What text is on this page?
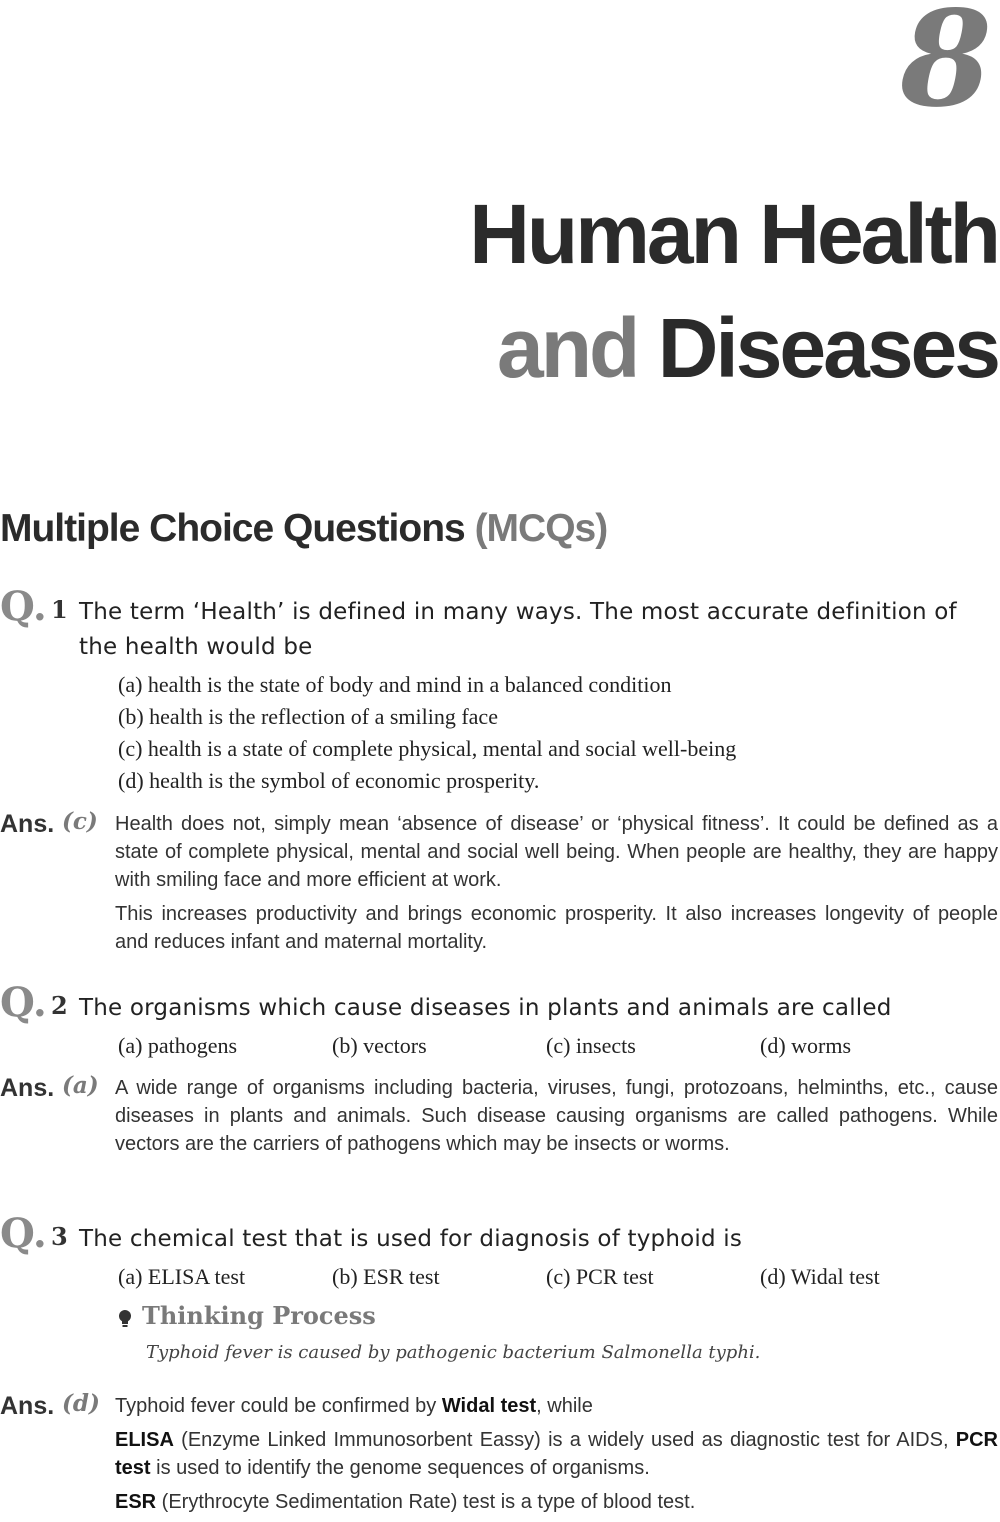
8
Human Health
and Diseases
Multiple Choice Questions (MCQs)
Q. 1 The term ‘Health’ is defined in many ways. The most accurate definition of the health would be
(a) health is the state of body and mind in a balanced condition
(b) health is the reflection of a smiling face
(c) health is a state of complete physical, mental and social well-being
(d) health is the symbol of economic prosperity.
Ans. (c) Health does not, simply mean ‘absence of disease’ or ‘physical fitness’. It could be defined as a state of complete physical, mental and social well being. When people are healthy, they are happy with smiling face and more efficient at work.

This increases productivity and brings economic prosperity. It also increases longevity of people and reduces infant and maternal mortality.

Q. 2 The organisms which cause diseases in plants and animals are called
(a) pathogens	(b) vectors	(c) insects	(d) worms
Ans. (a) A wide range of organisms including bacteria, viruses, fungi, protozoans, helminths, etc., cause diseases in plants and animals. Such disease causing organisms are called pathogens. While vectors are the carriers of pathogens which may be insects or worms.

Q. 3 The chemical test that is used for diagnosis of typhoid is
(a) ELISA test	(b) ESR test	(c) PCR test	(d) Widal test
Thinking Process
Typhoid fever is caused by pathogenic bacterium Salmonella typhi.
Ans. (d) Typhoid fever could be confirmed by Widal test, while

ELISA (Enzyme Linked Immunosorbent Eassy) is a widely used as diagnostic test for AIDS, PCR test is used to identify the genome sequences of organisms.

ESR (Erythrocyte Sedimentation Rate) test is a type of blood test.
